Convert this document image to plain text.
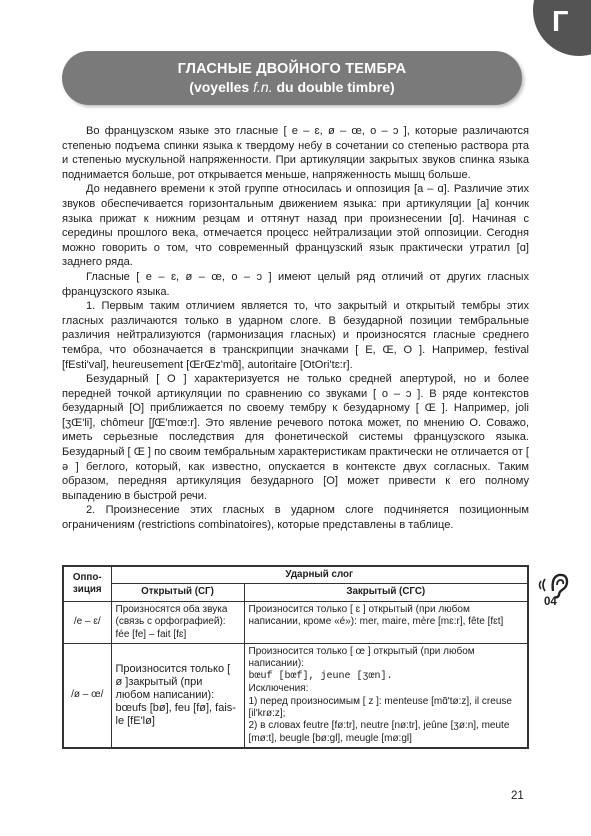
Г
ГЛАСНЫЕ ДВОЙНОГО ТЕМБРА
(voyelles f.n. du double timbre)

Во французском языке это гласные [ e – ɛ, ø – œ, o – ɔ ], которые различаются степенью подъема спинки языка к твердому небу в сочетании со степенью раствора рта и степенью мускульной напряженности. При артикуляции закрытых звуков спинка языка поднимается больше, рот открывается меньше, напряженность мышц больше.

До недавнего времени к этой группе относилась и оппозиция [a – ɑ]. Различие этих звуков обеспечивается горизонтальным движением языка: при артикуляции [a] кончик языка прижат к нижним резцам и оттянут назад при произнесении [ɑ]. Начиная с середины прошлого века, отмечается процесс нейтрализации этой оппозиции. Сегодня можно говорить о том, что современный французский язык практически утратил [ɑ] заднего ряда.

Гласные [ e – ɛ, ø – œ, o – ɔ ] имеют целый ряд отличий от других гласных французского языка.

1. Первым таким отличием является то, что закрытый и открытый тембры этих гласных различаются только в ударном слоге. В безударной позиции тембральные различия нейтрализуются (гармонизация гласных) и произносятся гласные среднего тембра, что обозначается в транскрипции значками [ E, Œ, O ]. Например, festival [fEsti'val], heureusement [ŒrŒz'mɑ̃], autoritaire [OtOri'tɛ:r].

Безударный [ O ] характеризуется не только средней апертурой, но и более передней точкой артикуляции по сравнению со звуками [ o – ɔ ]. В ряде контекстов безударный [O] приближается по своему тембру к безударному [ Œ ]. Например, joli [ʒŒ'li], chômeur [ʃŒ'mœ:r]. Это явление речевого потока может, по мнению О. Соважо, иметь серьезные последствия для фонетической системы французского языка. Безударный [ Œ ] по своим тембральным характеристикам практически не отличается от [ ə ] беглого, который, как известно, опускается в контексте двух согласных. Таким образом, передняя артикуляция безударного [O] может привести к его полному выпадению в быстрой речи.

2. Произнесение этих гласных в ударном слоге подчиняется позиционным ограничениям (restrictions combinatoires), которые представлены в таблице.

Оппо-зиция	Ударный слог	
	Открытый (СГ)	Закрытый (СГС)
/e – ɛ/	Произносятся оба звука (связь с орфографией): fée [fe] – fait [fɛ]	Произносится только [ ɛ ] открытый (при любом написании, кроме «é»): mer, maire, mère [mɛ:r], fête [fɛt]
/ø – œ/	Произносится только [ ø ]закрытый (при любом написании): bœufs [bø], feu [fø], fais-le [fE'lø]	Произносится только [ œ ] открытый (при любом написании):
bœuf [bœf], jeune [ʒœn].
Исключения:
1) перед произносимым [ z ]: menteuse [mɑ̃'tø:z], il creuse [il'krø:z];
2) в словах feutre [fø:tr], neutre [nø:tr], jeûne [ʒø:n], meute [mø:t], beugle [bø:gl], meugle [mø:gl]
04
21
